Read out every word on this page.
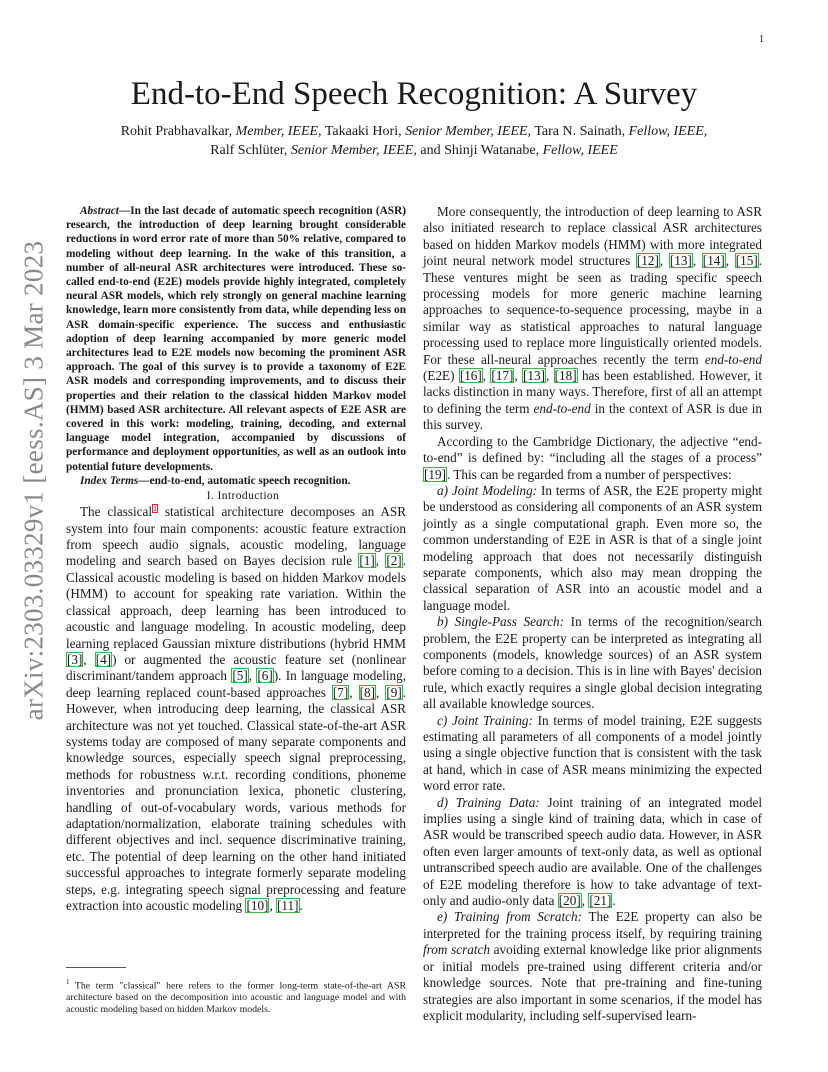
1
arXiv:2303.03329v1 [eess.AS] 3 Mar 2023
End-to-End Speech Recognition: A Survey
Rohit Prabhavalkar, Member, IEEE, Takaaki Hori, Senior Member, IEEE, Tara N. Sainath, Fellow, IEEE,
Ralf Schlüter, Senior Member, IEEE, and Shinji Watanabe, Fellow, IEEE

Abstract—In the last decade of automatic speech recognition (ASR) research, the introduction of deep learning brought considerable reductions in word error rate of more than 50% relative, compared to modeling without deep learning. In the wake of this transition, a number of all-neural ASR architectures were introduced. These so-called end-to-end (E2E) models provide highly integrated, completely neural ASR models, which rely strongly on general machine learning knowledge, learn more consistently from data, while depending less on ASR domain-specific experience. The success and enthusiastic adoption of deep learning accompanied by more generic model architectures lead to E2E models now becoming the prominent ASR approach. The goal of this survey is to provide a taxonomy of E2E ASR models and corresponding improvements, and to discuss their properties and their relation to the classical hidden Markov model (HMM) based ASR architecture. All relevant aspects of E2E ASR are covered in this work: modeling, training, decoding, and external language model integration, accompanied by discussions of performance and deployment opportunities, as well as an outlook into potential future developments.

Index Terms—end-to-end, automatic speech recognition.

I. Introduction

The classical$^1$ statistical architecture decomposes an ASR system into four main components: acoustic feature extraction from speech audio signals, acoustic modeling, language modeling and search based on Bayes decision rule [1], [2]. Classical acoustic modeling is based on hidden Markov models (HMM) to account for speaking rate variation. Within the classical approach, deep learning has been introduced to acoustic and language modeling. In acoustic modeling, deep learning replaced Gaussian mixture distributions (hybrid HMM [3], [4]) or augmented the acoustic feature set (nonlinear discriminant/tandem approach [5], [6]). In language modeling, deep learning replaced count-based approaches [7], [8], [9]. However, when introducing deep learning, the classical ASR architecture was not yet touched. Classical state-of-the-art ASR systems today are composed of many separate components and knowledge sources, especially speech signal preprocessing, methods for robustness w.r.t. recording conditions, phoneme inventories and pronunciation lexica, phonetic clustering, handling of out-of-vocabulary words, various methods for adaptation/normalization, elaborate training schedules with different objectives and incl. sequence discriminative training, etc. The potential of deep learning on the other hand initiated successful approaches to integrate formerly separate modeling steps, e.g. integrating speech signal preprocessing and feature extraction into acoustic modeling [10], [11].

$^1$ The term "classical" here refers to the former long-term state-of-the-art ASR architecture based on the decomposition into acoustic and language model and with acoustic modeling based on hidden Markov models.

More consequently, the introduction of deep learning to ASR also initiated research to replace classical ASR architectures based on hidden Markov models (HMM) with more integrated joint neural network model structures [12], [13], [14], [15]. These ventures might be seen as trading specific speech processing models for more generic machine learning approaches to sequence-to-sequence processing, maybe in a similar way as statistical approaches to natural language processing used to replace more linguistically oriented models. For these all-neural approaches recently the term end-to-end (E2E) [16], [17], [13], [18] has been established. However, it lacks distinction in many ways. Therefore, first of all an attempt to defining the term end-to-end in the context of ASR is due in this survey.

According to the Cambridge Dictionary, the adjective “end-to-end” is defined by: “including all the stages of a process” [19]. This can be regarded from a number of perspectives:

a) Joint Modeling: In terms of ASR, the E2E property might be understood as considering all components of an ASR system jointly as a single computational graph. Even more so, the common understanding of E2E in ASR is that of a single joint modeling approach that does not necessarily distinguish separate components, which also may mean dropping the classical separation of ASR into an acoustic model and a language model.

b) Single-Pass Search: In terms of the recognition/search problem, the E2E property can be interpreted as integrating all components (models, knowledge sources) of an ASR system before coming to a decision. This is in line with Bayes' decision rule, which exactly requires a single global decision integrating all available knowledge sources.

c) Joint Training: In terms of model training, E2E suggests estimating all parameters of all components of a model jointly using a single objective function that is consistent with the task at hand, which in case of ASR means minimizing the expected word error rate.

d) Training Data: Joint training of an integrated model implies using a single kind of training data, which in case of ASR would be transcribed speech audio data. However, in ASR often even larger amounts of text-only data, as well as optional untranscribed speech audio are available. One of the challenges of E2E modeling therefore is how to take advantage of text-only and audio-only data [20], [21].

e) Training from Scratch: The E2E property can also be interpreted for the training process itself, by requiring training from scratch avoiding external knowledge like prior alignments or initial models pre-trained using different criteria and/or knowledge sources. Note that pre-training and fine-tuning strategies are also important in some scenarios, if the model has explicit modularity, including self-supervised learn-
